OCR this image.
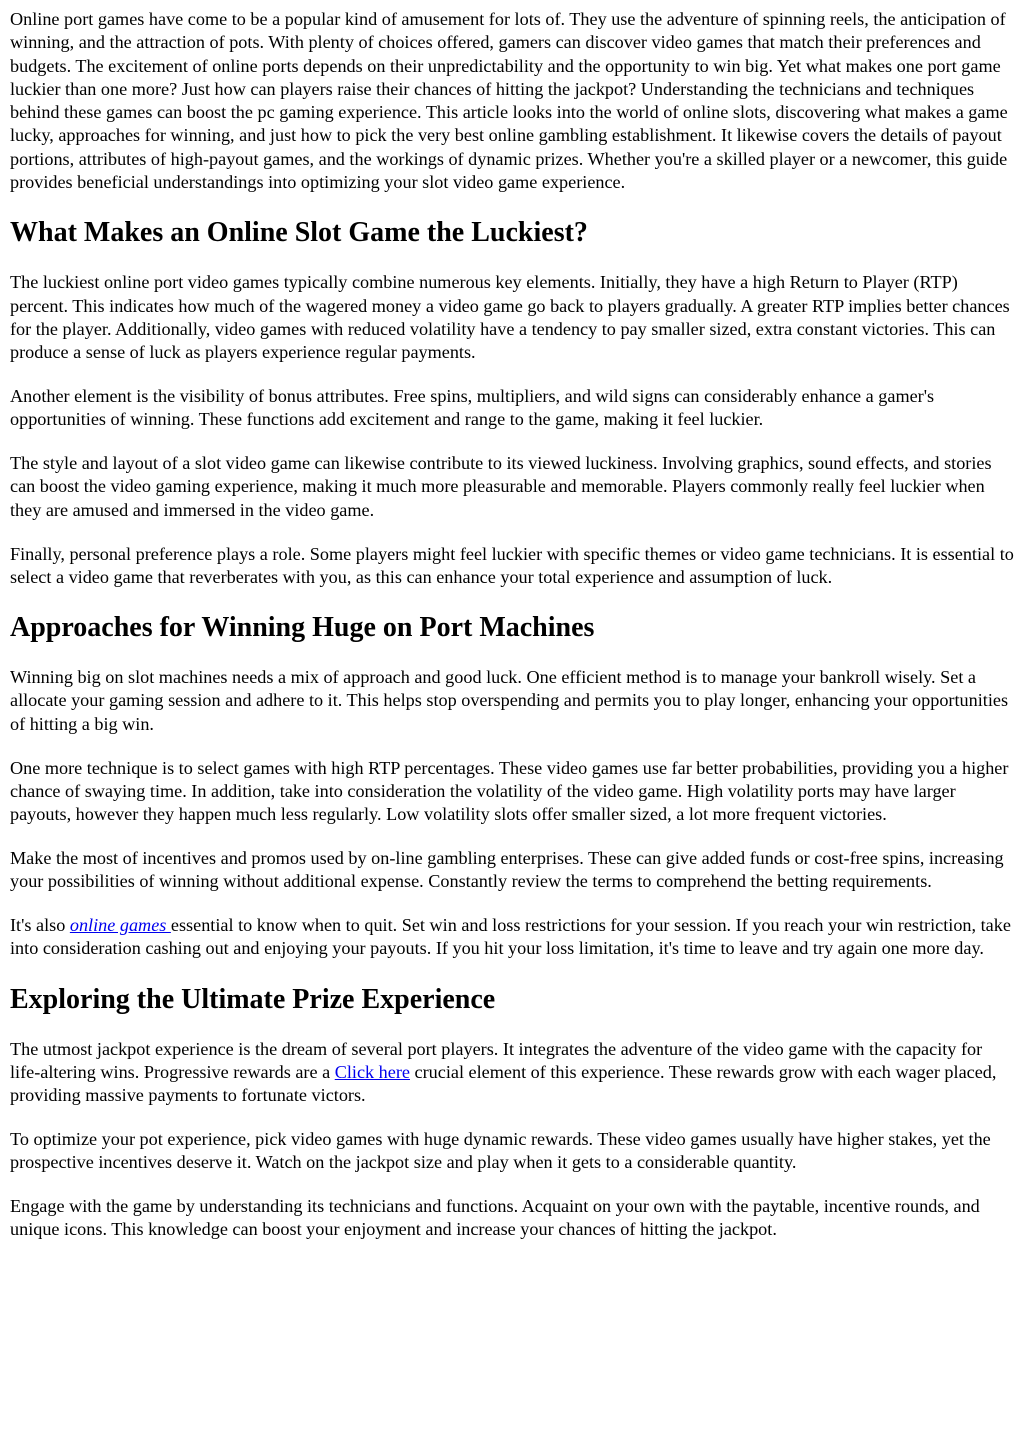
Online port games have come to be a popular kind of amusement for lots of. They use the adventure of spinning reels, the anticipation of winning, and the attraction of pots. With plenty of choices offered, gamers can discover video games that match their preferences and budgets. The excitement of online ports depends on their unpredictability and the opportunity to win big. Yet what makes one port game luckier than one more? Just how can players raise their chances of hitting the jackpot? Understanding the technicians and techniques behind these games can boost the pc gaming experience. This article looks into the world of online slots, discovering what makes a game lucky, approaches for winning, and just how to pick the very best online gambling establishment. It likewise covers the details of payout portions, attributes of high-payout games, and the workings of dynamic prizes. Whether you're a skilled player or a newcomer, this guide provides beneficial understandings into optimizing your slot video game experience.

What Makes an Online Slot Game the Luckiest?

The luckiest online port video games typically combine numerous key elements. Initially, they have a high Return to Player (RTP) percent. This indicates how much of the wagered money a video game go back to players gradually. A greater RTP implies better chances for the player. Additionally, video games with reduced volatility have a tendency to pay smaller sized, extra constant victories. This can produce a sense of luck as players experience regular payments.

Another element is the visibility of bonus attributes. Free spins, multipliers, and wild signs can considerably enhance a gamer's opportunities of winning. These functions add excitement and range to the game, making it feel luckier.

The style and layout of a slot video game can likewise contribute to its viewed luckiness. Involving graphics, sound effects, and stories can boost the video gaming experience, making it much more pleasurable and memorable. Players commonly really feel luckier when they are amused and immersed in the video game.

Finally, personal preference plays a role. Some players might feel luckier with specific themes or video game technicians. It is essential to select a video game that reverberates with you, as this can enhance your total experience and assumption of luck.

Approaches for Winning Huge on Port Machines

Winning big on slot machines needs a mix of approach and good luck. One efficient method is to manage your bankroll wisely. Set a allocate your gaming session and adhere to it. This helps stop overspending and permits you to play longer, enhancing your opportunities of hitting a big win.

One more technique is to select games with high RTP percentages. These video games use far better probabilities, providing you a higher chance of swaying time. In addition, take into consideration the volatility of the video game. High volatility ports may have larger payouts, however they happen much less regularly. Low volatility slots offer smaller sized, a lot more frequent victories.

Make the most of incentives and promos used by on-line gambling enterprises. These can give added funds or cost-free spins, increasing your possibilities of winning without additional expense. Constantly review the terms to comprehend the betting requirements.

It's also online games essential to know when to quit. Set win and loss restrictions for your session. If you reach your win restriction, take into consideration cashing out and enjoying your payouts. If you hit your loss limitation, it's time to leave and try again one more day.

Exploring the Ultimate Prize Experience

The utmost jackpot experience is the dream of several port players. It integrates the adventure of the video game with the capacity for life-altering wins. Progressive rewards are a Click here crucial element of this experience. These rewards grow with each wager placed, providing massive payments to fortunate victors.

To optimize your pot experience, pick video games with huge dynamic rewards. These video games usually have higher stakes, yet the prospective incentives deserve it. Watch on the jackpot size and play when it gets to a considerable quantity.

Engage with the game by understanding its technicians and functions. Acquaint on your own with the paytable, incentive rounds, and unique icons. This knowledge can boost your enjoyment and increase your chances of hitting the jackpot.
